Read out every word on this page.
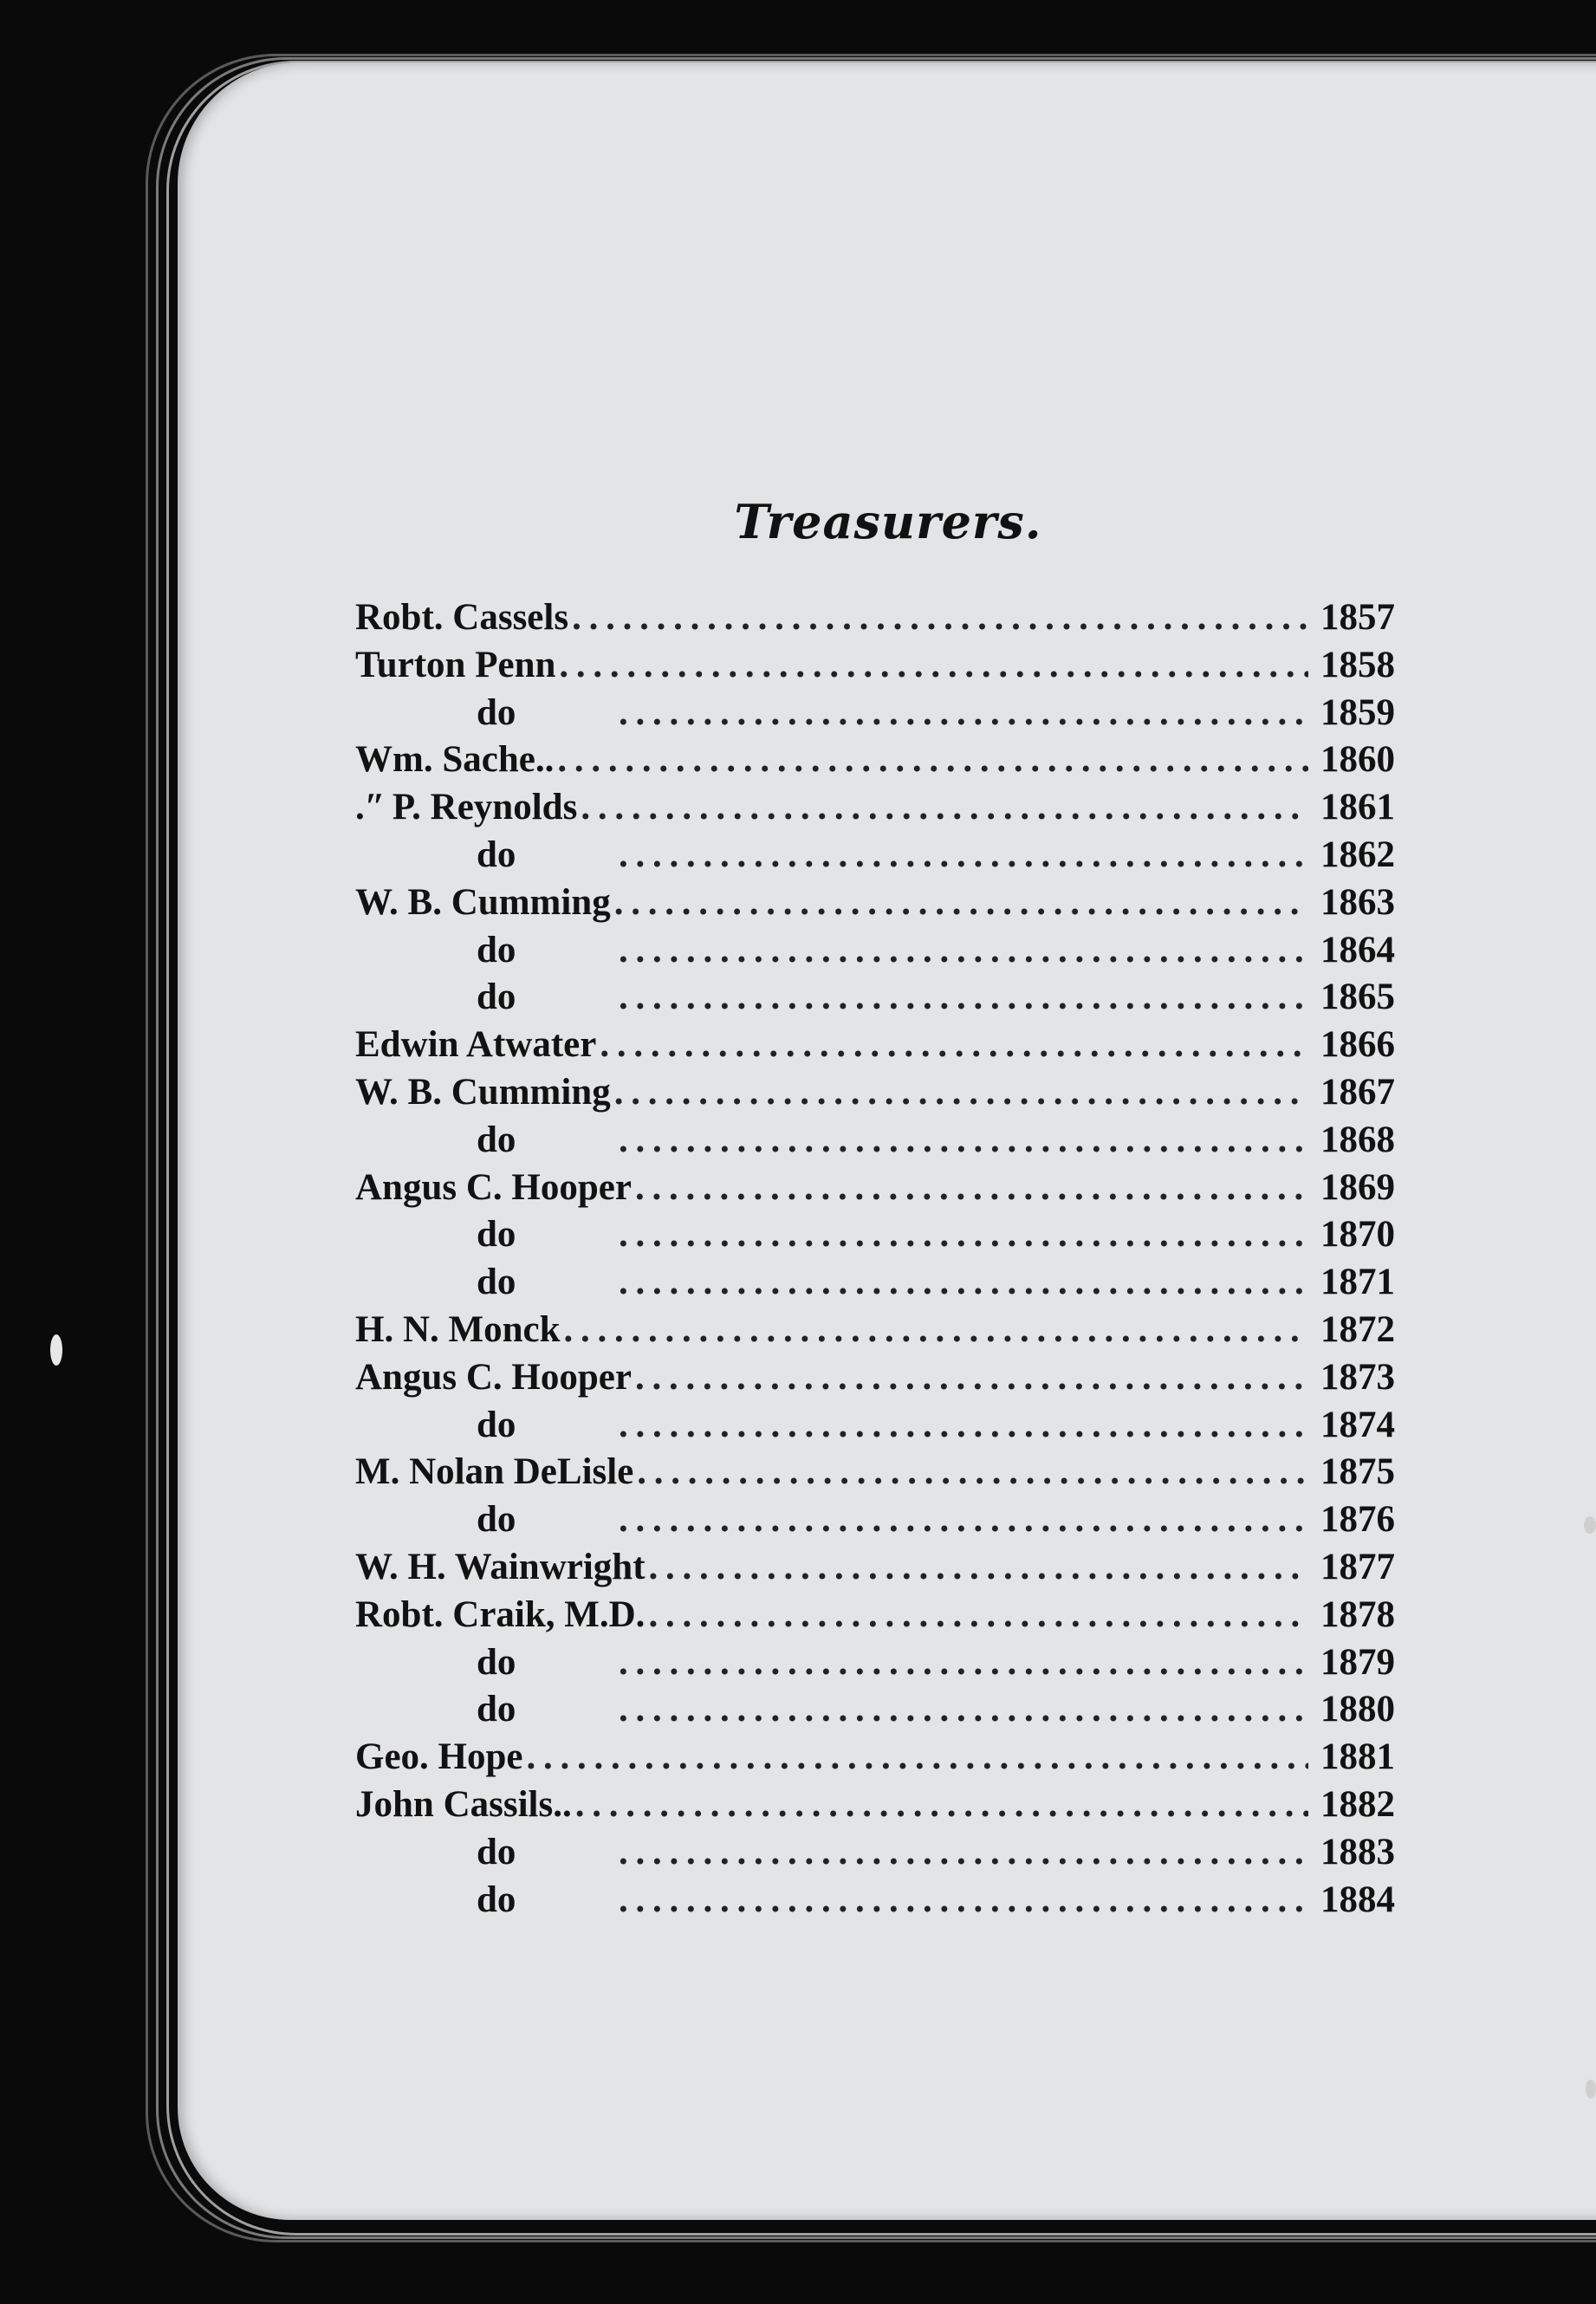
Treasurers.
Robt. Cassels . . .	1857
Turton Penn . . .	1858
do . . .	1859
Wm. Sache.. . . .	1860
.ʺ P. Reynolds . . .	1861
do . . .	1862
W. B. Cumming . . .	1863
do . . .	1864
do . . .	1865
Edwin Atwater . . .	1866
W. B. Cumming . . .	1867
do . . .	1868
Angus C. Hooper . . .	1869
do . . .	1870
do . . .	1871
H. N. Monck . . .	1872
Angus C. Hooper . . .	1873
do . . .	1874
M. Nolan DeLisle . . .	1875
do . . .	1876
W. H. Wainwright . . .	1877
Robt. Craik, M.D. . . .	1878
do . . .	1879
do . . .	1880
Geo. Hope . . .	1881
John Cassils.. . . .	1882
do . . .	1883
do . . .	1884
